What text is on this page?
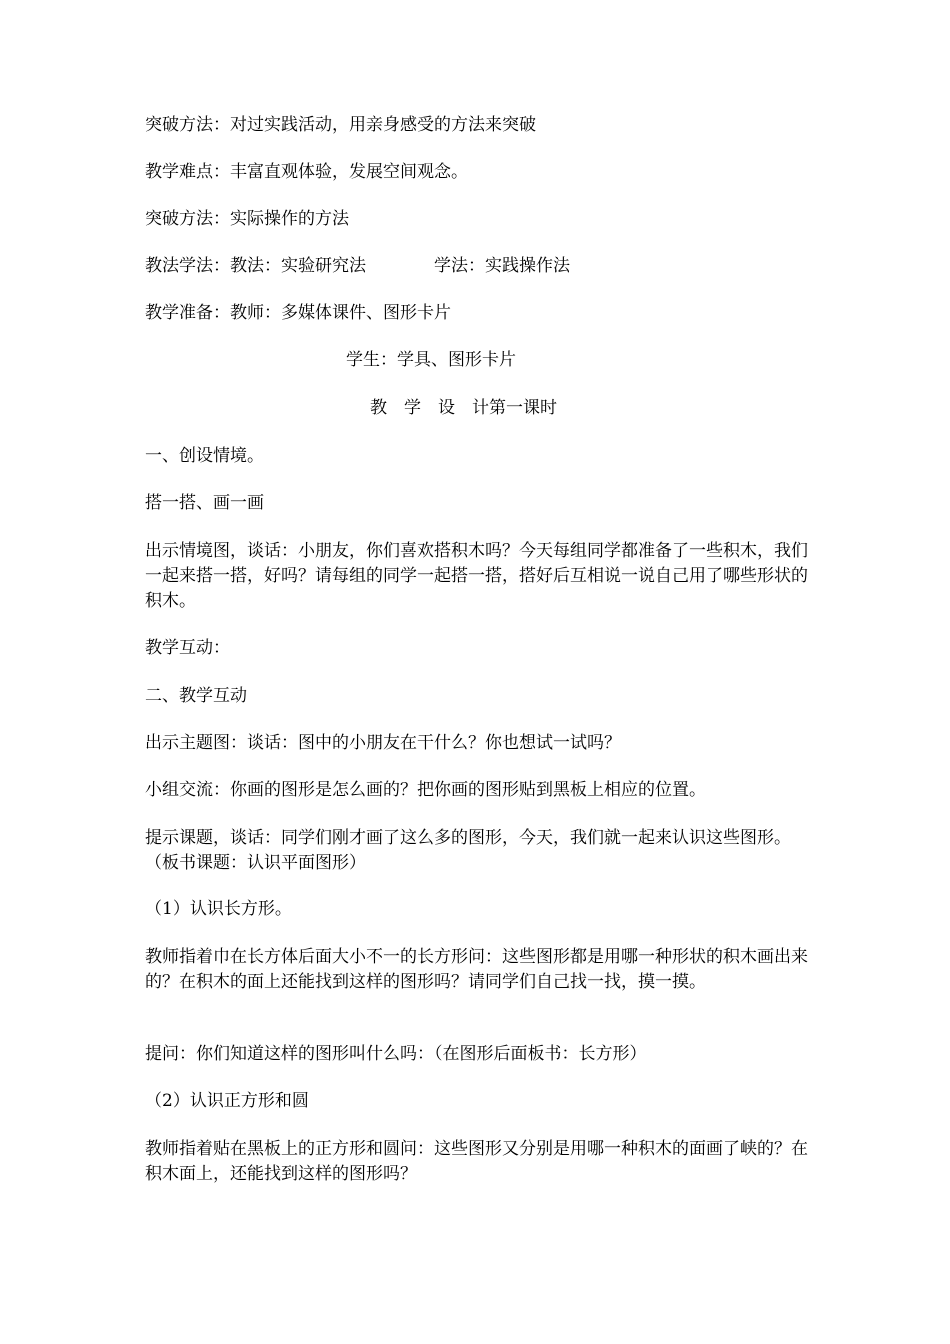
突破方法：对过实践活动，用亲身感受的方法来突破

教学难点：丰富直观体验，发展空间观念。

突破方法：实际操作的方法

教法学法：教法：实验研究法	学法：实践操作法

教学准备：教师：多媒体课件、图形卡片

学生：学具、图形卡片

教　学　设　计第一课时

一、创设情境。

搭一搭、画一画

出示情境图，谈话：小朋友，你们喜欢搭积木吗？今天每组同学都准备了一些积木，我们一起来搭一搭，好吗？请每组的同学一起搭一搭，搭好后互相说一说自己用了哪些形状的积木。

教学互动：

二、教学互动

出示主题图：谈话：图中的小朋友在干什么？你也想试一试吗？

小组交流：你画的图形是怎么画的？把你画的图形贴到黑板上相应的位置。

提示课题，谈话：同学们刚才画了这么多的图形，今天，我们就一起来认识这些图形。（板书课题：认识平面图形）

（1）认识长方形。

教师指着巾在长方体后面大小不一的长方形问：这些图形都是用哪一种形状的积木画出来的？在积木的面上还能找到这样的图形吗？请同学们自己找一找，摸一摸。

提问：你们知道这样的图形叫什么吗：（在图形后面板书：长方形）

（2）认识正方形和圆

教师指着贴在黑板上的正方形和圆问：这些图形又分别是用哪一种积木的面画了峡的？在积木面上，还能找到这样的图形吗？
